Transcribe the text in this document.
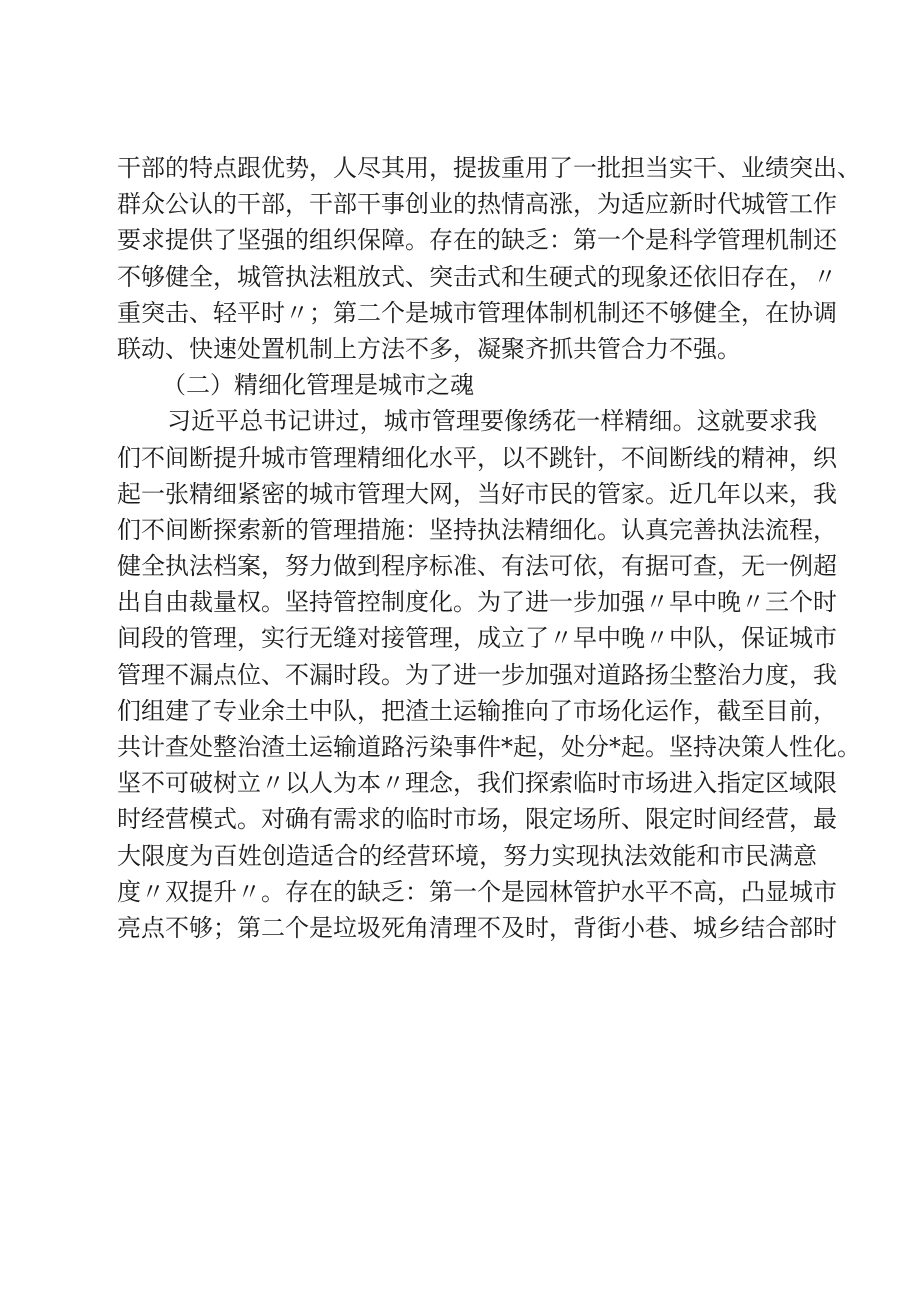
干部的特点跟优势，人尽其用，提拔重用了一批担当实干、业绩突出、
群众公认的干部，干部干事创业的热情高涨，为适应新时代城管工作
要求提供了坚强的组织保障。存在的缺乏：第一个是科学管理机制还
不够健全，城管执法粗放式、突击式和生硬式的现象还依旧存在，〃
重突击、轻平时〃；第二个是城市管理体制机制还不够健全，在协调
联动、快速处置机制上方法不多，凝聚齐抓共管合力不强。
（二）精细化管理是城市之魂
习近平总书记讲过，城市管理要像绣花一样精细。这就要求我
们不间断提升城市管理精细化水平，以不跳针，不间断线的精神，织
起一张精细紧密的城市管理大网，当好市民的管家。近几年以来，我
们不间断探索新的管理措施：坚持执法精细化。认真完善执法流程，
健全执法档案，努力做到程序标准、有法可依，有据可查，无一例超
出自由裁量权。坚持管控制度化。为了进一步加强〃早中晚〃三个时
间段的管理，实行无缝对接管理，成立了〃早中晚〃中队，保证城市
管理不漏点位、不漏时段。为了进一步加强对道路扬尘整治力度，我
们组建了专业余土中队，把渣土运输推向了市场化运作，截至目前，
共计查处整治渣土运输道路污染事件*起，处分*起。坚持决策人性化。
坚不可破树立〃以人为本〃理念，我们探索临时市场进入指定区域限
时经营模式。对确有需求的临时市场，限定场所、限定时间经营，最
大限度为百姓创造适合的经营环境，努力实现执法效能和市民满意
度〃双提升〃。存在的缺乏：第一个是园林管护水平不高，凸显城市
亮点不够；第二个是垃圾死角清理不及时，背街小巷、城乡结合部时
